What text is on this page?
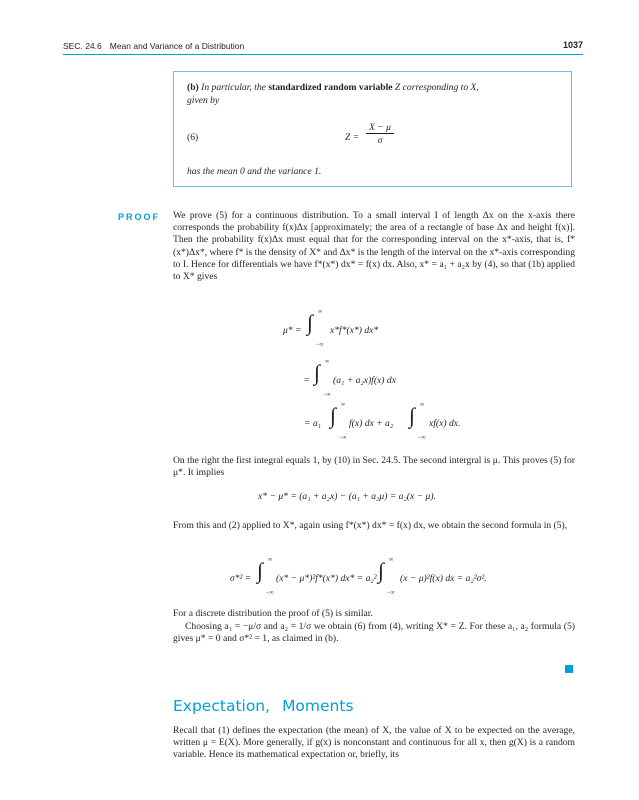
SEC. 24.6 Mean and Variance of a Distribution	1037
(b) In particular, the standardized random variable Z corresponding to X,
given by
(6)	$Z = \frac{X - \mu}{\sigma}$
has the mean 0 and the variance 1.
PROOF We prove (5) for a continuous distribution. To a small interval I of length Δx on the x-axis there corresponds the probability f(x)Δx [approximately; the area of a rectangle of base Δx and height f(x)]. Then the probability f(x)Δx must equal that for the corresponding interval on the x*-axis, that is, f*(x*)Δx*, where f* is the density of X* and Δx* is the length of the interval on the x*-axis corresponding to I. Hence for differentials we have f*(x*) dx* = f(x) dx. Also, x* = a₁ + a₂x by (4), so that (1b) applied to X* gives
μ* = ∫ ∞
−∞
x*f*(x*) dx*
= ∫ ∞
−∞
(a₁ + a₂x)f(x) dx
= a₁ ∫ ∞
−∞
f(x) dx + a₂ ∫ ∞
−∞
xf(x) dx.
On the right the first integral equals 1, by (10) in Sec. 24.5. The second intergral is μ. This proves (5) for μ*. It implies
x* − μ* = (a₁ + a₂x) − (a₁ + a₂μ) = a₂(x − μ).
From this and (2) applied to X*, again using f*(x*) dx* = f(x) dx, we obtain the second formula in (5),
σ*² = ∫ ∞
−∞
(x* − μ*)²f*(x*) dx* = a₂² ∫ ∞
−∞
(x − μ)²f(x) dx = a₂²σ².
For a discrete distribution the proof of (5) is similar.
Choosing a₁ = −μ/σ and a₂ = 1/σ we obtain (6) from (4), writing X* = Z. For these a₁, a₂ formula (5) gives μ* = 0 and σ*² = 1, as claimed in (b).
Expectation, Moments
Recall that (1) defines the expectation (the mean) of X, the value of X to be expected on the average, written μ = E(X). More generally, if g(x) is nonconstant and continuous for all x, then g(X) is a random variable. Hence its mathematical expectation or, briefly, its
